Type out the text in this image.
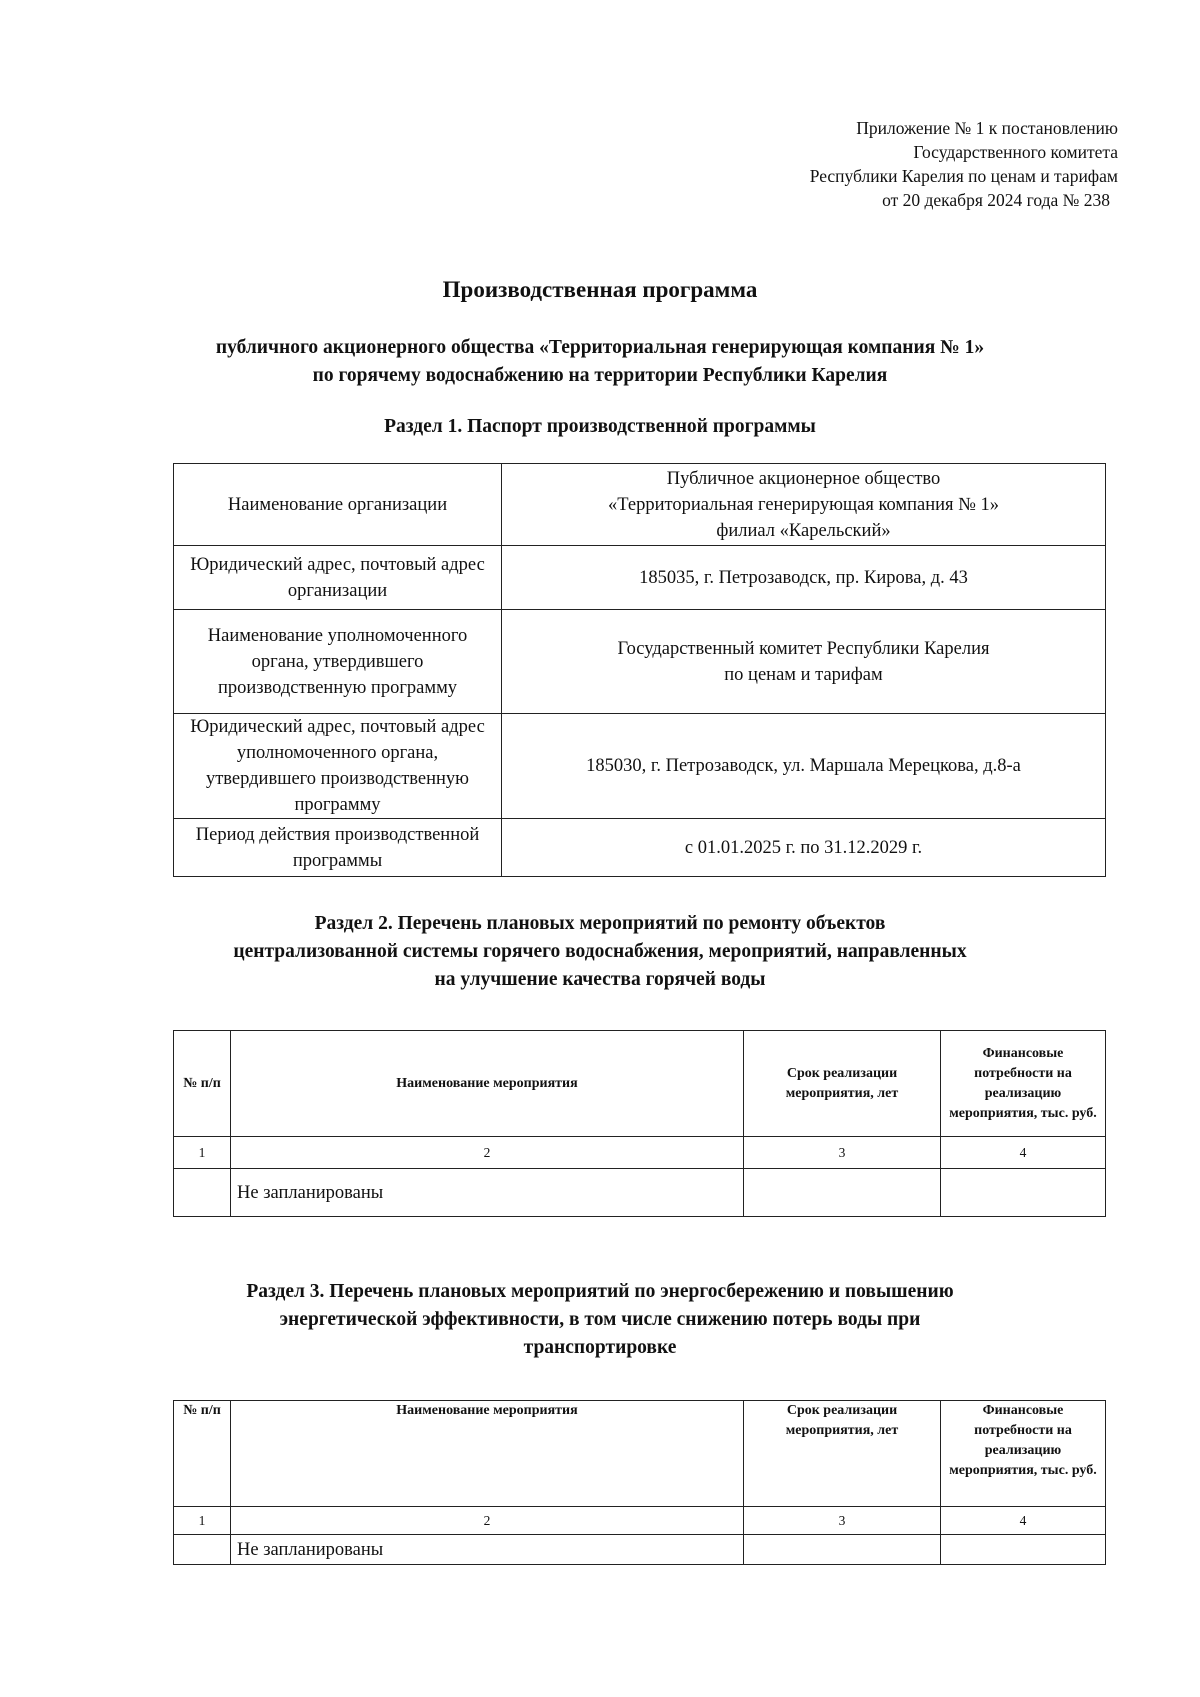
Приложение № 1 к постановлению
Государственного комитета
Республики Карелия по ценам и тарифам
от 20 декабря 2024 года № 238
Производственная программа
публичного акционерного общества «Территориальная генерирующая компания № 1»
по горячему водоснабжению на территории Республики Карелия
Раздел 1. Паспорт производственной программы
Наименование организации	Публичное акционерное общество
«Территориальная генерирующая компания № 1»
филиал «Карельский»

Юридический адрес, почтовый адрес организации	185035, г. Петрозаводск, пр. Кирова, д. 43

Наименование уполномоченного органа, утвердившего производственную программу	Государственный комитет Республики Карелия
по ценам и тарифам

Юридический адрес, почтовый адрес уполномоченного органа, утвердившего производственную программу	185030, г. Петрозаводск, ул. Маршала Мерецкова, д.8-а

Период действия производственной программы	с 01.01.2025 г. по 31.12.2029 г.
Раздел 2. Перечень плановых мероприятий по ремонту объектов
централизованной системы горячего водоснабжения, мероприятий, направленных
на улучшение качества горячей воды
№ п/п	Наименование мероприятия	Срок реализации мероприятия, лет	Финансовые потребности на реализацию мероприятия, тыс. руб.
1	2	3	4
	Не запланированы		
Раздел 3. Перечень плановых мероприятий по энергосбережению и повышению
энергетической эффективности, в том числе снижению потерь воды при
транспортировке
№ п/п	Наименование мероприятия	Срок реализации мероприятия, лет	Финансовые потребности на реализацию мероприятия, тыс. руб.
1	2	3	4
	Не запланированы		
